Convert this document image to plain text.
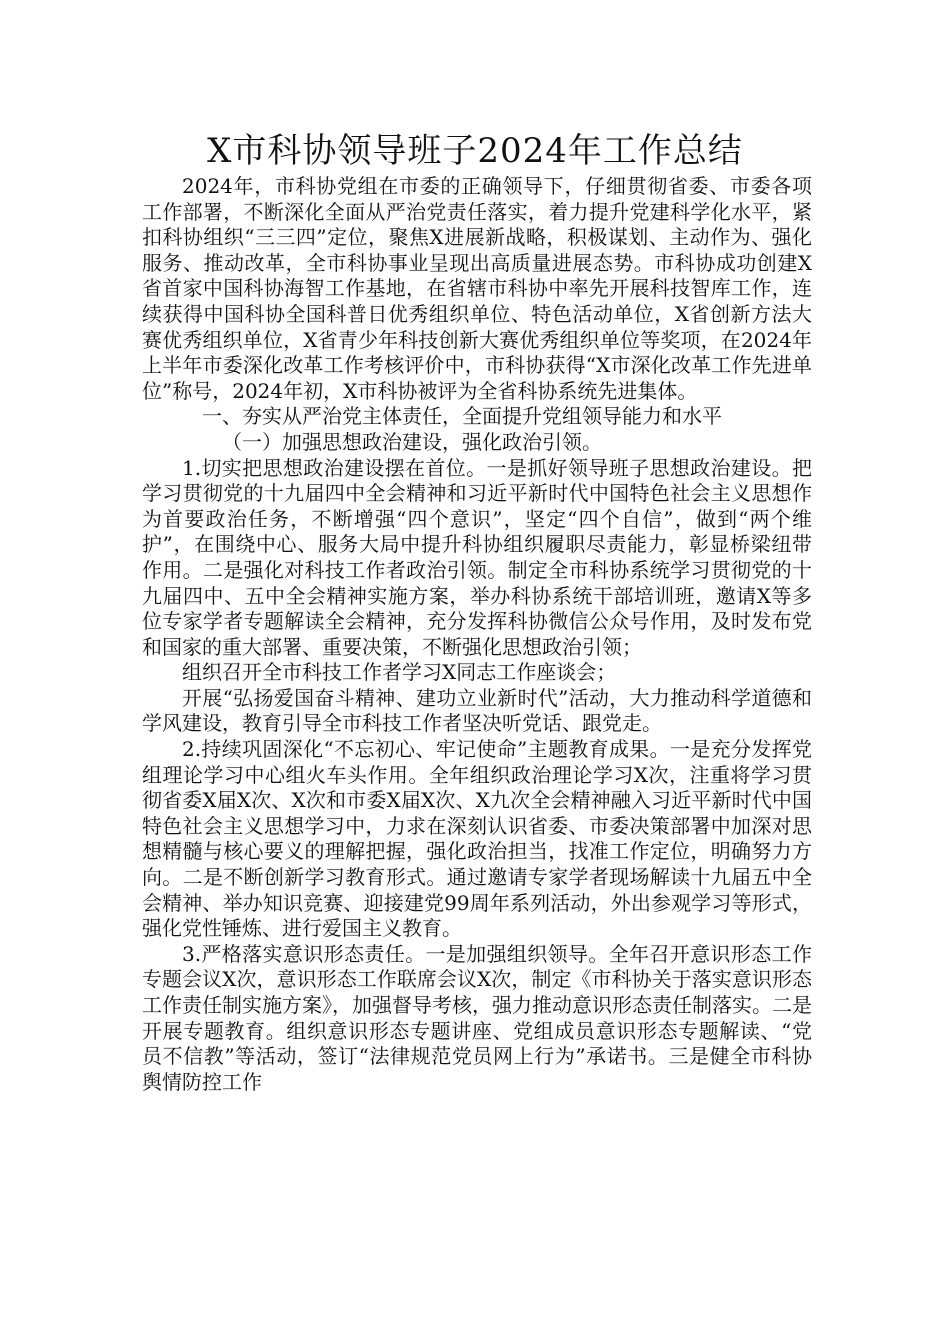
X市科协领导班子2024年工作总结

2024年，市科协党组在市委的正确领导下，仔细贯彻省委、市委各项工作部署，不断深化全面从严治党责任落实，着力提升党建科学化水平，紧扣科协组织“三三四”定位，聚焦X进展新战略，积极谋划、主动作为、强化服务、推动改革，全市科协事业呈现出高质量进展态势。市科协成功创建X省首家中国科协海智工作基地，在省辖市科协中率先开展科技智库工作，连续获得中国科协全国科普日优秀组织单位、特色活动单位，X省创新方法大赛优秀组织单位，X省青少年科技创新大赛优秀组织单位等奖项，在2024年上半年市委深化改革工作考核评价中，市科协获得“X市深化改革工作先进单位”称号，2024年初，X市科协被评为全省科协系统先进集体。

一、夯实从严治党主体责任，全面提升党组领导能力和水平

（一）加强思想政治建设，强化政治引领。

1.切实把思想政治建设摆在首位。一是抓好领导班子思想政治建设。把学习贯彻党的十九届四中全会精神和习近平新时代中国特色社会主义思想作为首要政治任务，不断增强“四个意识”，坚定“四个自信”，做到“两个维护”，在围绕中心、服务大局中提升科协组织履职尽责能力，彰显桥梁纽带作用。二是强化对科技工作者政治引领。制定全市科协系统学习贯彻党的十九届四中、五中全会精神实施方案，举办科协系统干部培训班，邀请X等多位专家学者专题解读全会精神，充分发挥科协微信公众号作用，及时发布党和国家的重大部署、重要决策，不断强化思想政治引领；

组织召开全市科技工作者学习X同志工作座谈会；

开展“弘扬爱国奋斗精神、建功立业新时代”活动，大力推动科学道德和学风建设，教育引导全市科技工作者坚决听党话、跟党走。

2.持续巩固深化“不忘初心、牢记使命”主题教育成果。一是充分发挥党组理论学习中心组火车头作用。全年组织政治理论学习X次，注重将学习贯彻省委X届X次、X次和市委X届X次、X九次全会精神融入习近平新时代中国特色社会主义思想学习中，力求在深刻认识省委、市委决策部署中加深对思想精髓与核心要义的理解把握，强化政治担当，找准工作定位，明确努力方向。二是不断创新学习教育形式。通过邀请专家学者现场解读十九届五中全会精神、举办知识竞赛、迎接建党99周年系列活动，外出参观学习等形式，强化党性锤炼、进行爱国主义教育。

3.严格落实意识形态责任。一是加强组织领导。全年召开意识形态工作专题会议X次，意识形态工作联席会议X次，制定《市科协关于落实意识形态工作责任制实施方案》，加强督导考核，强力推动意识形态责任制落实。二是开展专题教育。组织意识形态专题讲座、党组成员意识形态专题解读、“党员不信教”等活动，签订“法律规范党员网上行为”承诺书。三是健全市科协舆情防控工作
